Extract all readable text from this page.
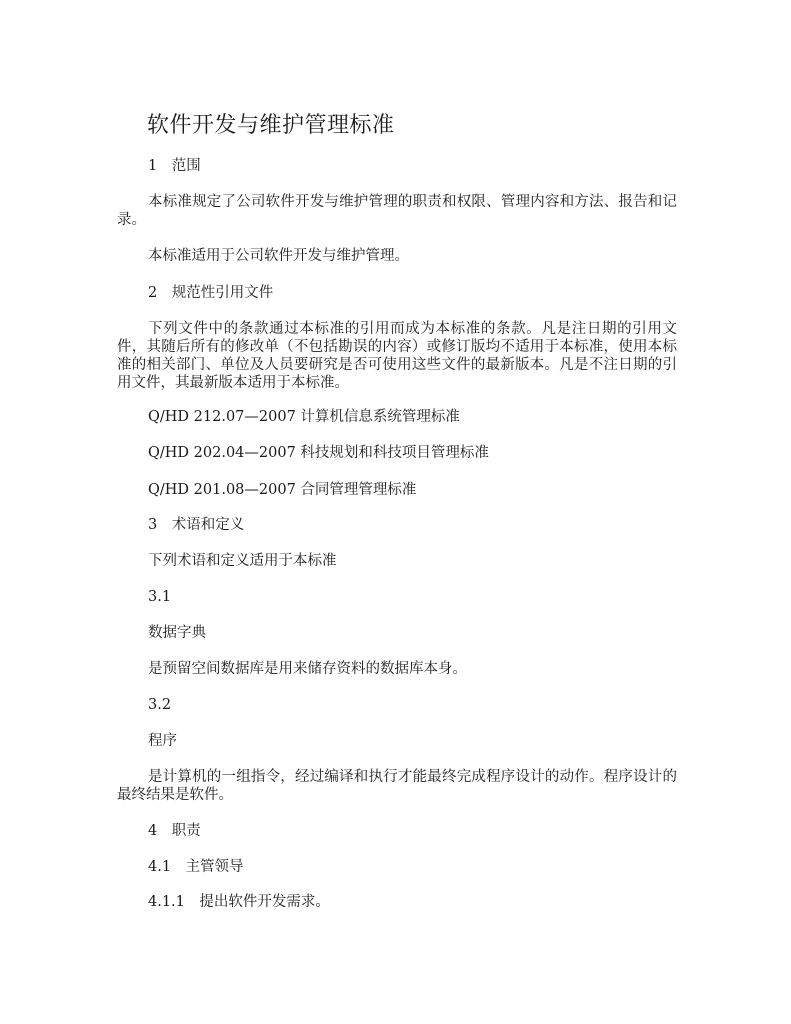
软件开发与维护管理标准
1　范围
本标准规定了公司软件开发与维护管理的职责和权限、管理内容和方法、报告和记录。
本标准适用于公司软件开发与维护管理。
2　规范性引用文件
下列文件中的条款通过本标准的引用而成为本标准的条款。凡是注日期的引用文件，其随后所有的修改单（不包括勘误的内容）或修订版均不适用于本标准，使用本标准的相关部门、单位及人员要研究是否可使用这些文件的最新版本。凡是不注日期的引用文件，其最新版本适用于本标准。
Q/HD 212.07—2007 计算机信息系统管理标准
Q/HD 202.04—2007 科技规划和科技项目管理标准
Q/HD 201.08—2007 合同管理管理标准
3　术语和定义
下列术语和定义适用于本标准
3.1
数据字典
是预留空间数据库是用来储存资料的数据库本身。
3.2
程序
是计算机的一组指令，经过编译和执行才能最终完成程序设计的动作。程序设计的最终结果是软件。
4　职责
4.1　主管领导
4.1.1　提出软件开发需求。
